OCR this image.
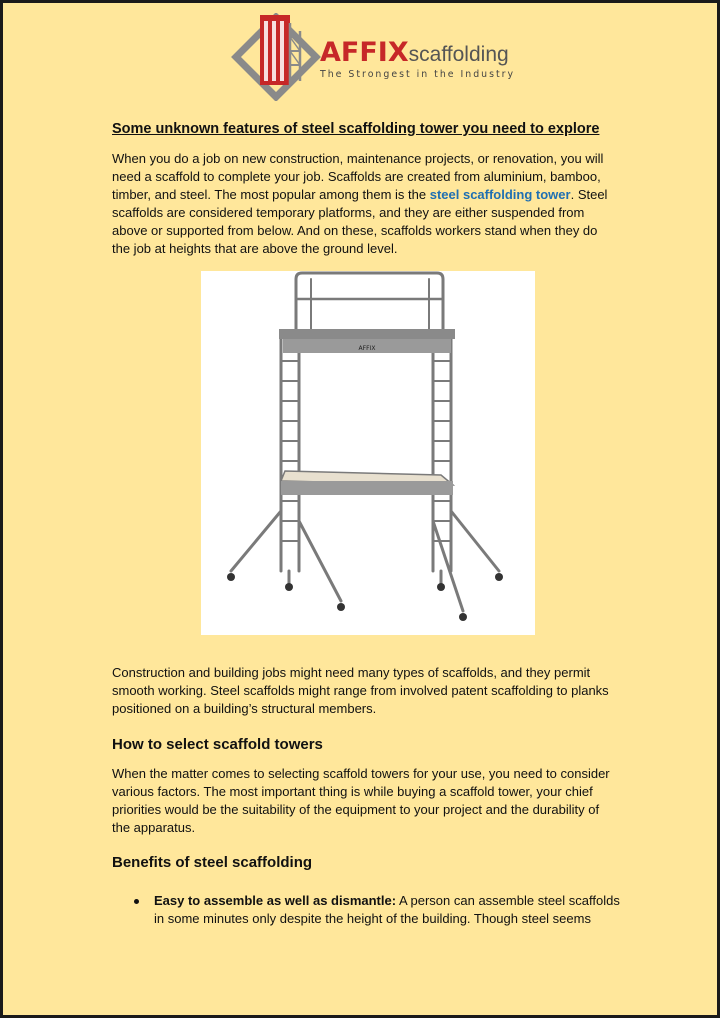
AFFIXscaffolding
The Strongest in the Industry
Some unknown features of steel scaffolding tower you need to explore

When you do a job on new construction, maintenance projects, or renovation, you will need a scaffold to complete your job. Scaffolds are created from aluminium, bamboo, timber, and steel. The most popular among them is the steel scaffolding tower. Steel scaffolds are considered temporary platforms, and they are either suspended from above or supported from below. And on these, scaffolds workers stand when they do the job at heights that are above the ground level.

AFFIX

Construction and building jobs might need many types of scaffolds, and they permit smooth working. Steel scaffolds might range from involved patent scaffolding to planks positioned on a building’s structural members.

How to select scaffold towers

When the matter comes to selecting scaffold towers for your use, you need to consider various factors. The most important thing is while buying a scaffold tower, your chief priorities would be the suitability of the equipment to your project and the durability of the apparatus.

Benefits of steel scaffolding

Easy to assemble as well as dismantle: A person can assemble steel scaffolds in some minutes only despite the height of the building. Though steel seems
